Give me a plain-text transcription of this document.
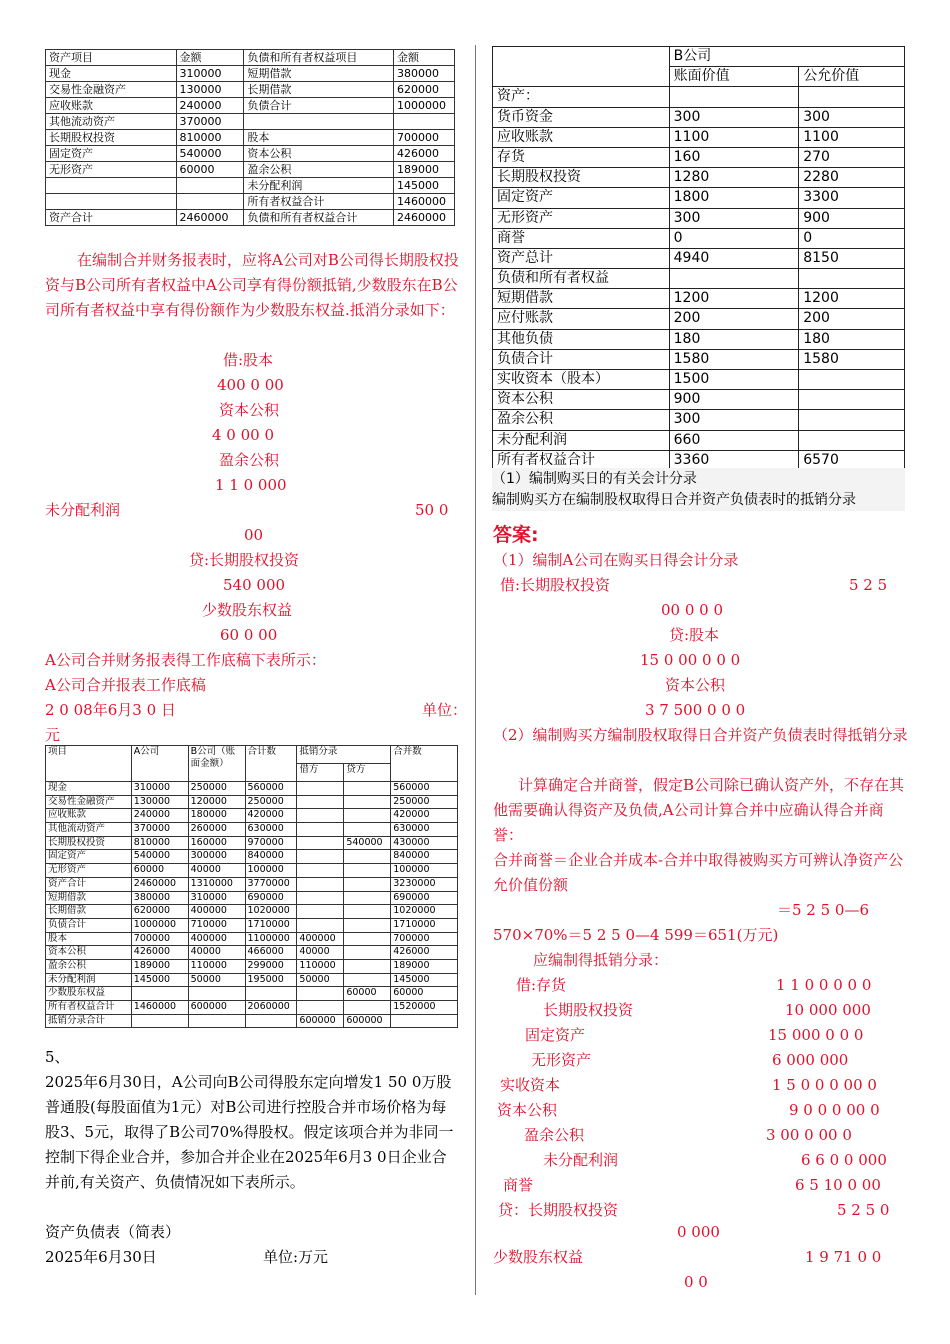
资产项目	金额	负债和所有者权益项目	金额
现金	310000	短期借款	380000
交易性金融资产	130000	长期借款	620000
应收账款	240000	负债合计	1000000
其他流动资产	370000		
长期股权投资	810000	股本	700000
固定资产	540000	资本公积	426000
无形资产	60000	盈余公积	189000
		未分配利润	145000
		所有者权益合计	1460000
资产合计	2460000	负债和所有者权益合计	2460000
在编制合并财务报表时，应将A公司对B公司得长期股权投资与B公司所有者权益中A公司享有得份额抵销,少数股东在B公司所有者权益中享有得份额作为少数股东权益.抵消分录如下：
借:股本
400 0 00
资本公积
4 0 00 0
盈余公积
1 1 0 000
未分配利润	50 0
00
贷:长期股权投资
540 000
少数股东权益
60 0 00
A公司合并财务报表得工作底稿下表所示：
A公司合并报表工作底稿
2 0 08年6月3 0 日	单位：
元
项目	A公司	B公司（账面金额）	合计数	抵销分录		合并数
				借方	贷方	
现金	310000	250000	560000			560000
交易性金融资产	130000	120000	250000			250000
应收账款	240000	180000	420000			420000
其他流动资产	370000	260000	630000			630000
长期股权投资	810000	160000	970000		540000	430000
固定资产	540000	300000	840000			840000
无形资产	60000	40000	100000			100000
资产合计	2460000	1310000	3770000			3230000
短期借款	380000	310000	690000			690000
长期借款	620000	400000	1020000			1020000
负债合计	1000000	710000	1710000			1710000
股本	700000	400000	1100000	400000		700000
资本公积	426000	40000	466000	40000		426000
盈余公积	189000	110000	299000	110000		189000
未分配利润	145000	50000	195000	50000		145000
少数股东权益					60000	60000
所有者权益合计	1460000	600000	2060000			1520000
抵销分录合计				600000	600000	
5、
2025年6月30日，A公司向B公司得股东定向增发1 50 0万股普通股(每股面值为1元）对B公司进行控股合并市场价格为每股3、5元，取得了B公司70%得股权。假定该项合并为非同一控制下得企业合并，参加合并企业在2025年6月3 0日企业合并前,有关资产、负债情况如下表所示。
资产负债表（简表）
2025年6月30日	单位:万元
	B公司	
	账面价值	公允价值
资产：		
货币资金	300	300
应收账款	1100	1100
存货	160	270
长期股权投资	1280	2280
固定资产	1800	3300
无形资产	300	900
商誉	0	0
资产总计	4940	8150
负债和所有者权益		
短期借款	1200	1200
应付账款	200	200
其他负债	180	180
负债合计	1580	1580
实收资本（股本）	1500	
资本公积	900	
盈余公积	300	
未分配利润	660	
所有者权益合计	3360	6570
（1）编制购买日的有关会计分录
编制购买方在编制股权取得日合并资产负债表时的抵销分录
答案:
（1）编制A公司在购买日得会计分录
借:长期股权投资	5 2 5
00 0 0 0
贷:股本
15 0 00 0 0 0
资本公积
3 7 500 0 0 0
（2）编制购买方编制股权取得日合并资产负债表时得抵销分录
计算确定合并商誉，假定B公司除已确认资产外，不存在其他需要确认得资产及负债,A公司计算合并中应确认得合并商誉：
合并商誉＝企业合并成本-合并中取得被购买方可辨认净资产公允价值份额
＝5 2 5 0—6
570×70%＝5 2 5 0—4 599＝651(万元)
应编制得抵销分录：
借:存货	1 1 0 0 0 0 0
长期股权投资	10 000 000
固定资产	15 000 0 0 0
无形资产	6 000 000
实收资本	1 5 0 0 0 00 0
资本公积	9 0 0 0 00 0
盈余公积	3 00 0 00 0
未分配利润	6 6 0 0 000
商誉	6 5 10 0 00
贷：长期股权投资	5 2 5 0
0 000
少数股东权益	1 9 71 0 0
0 0
